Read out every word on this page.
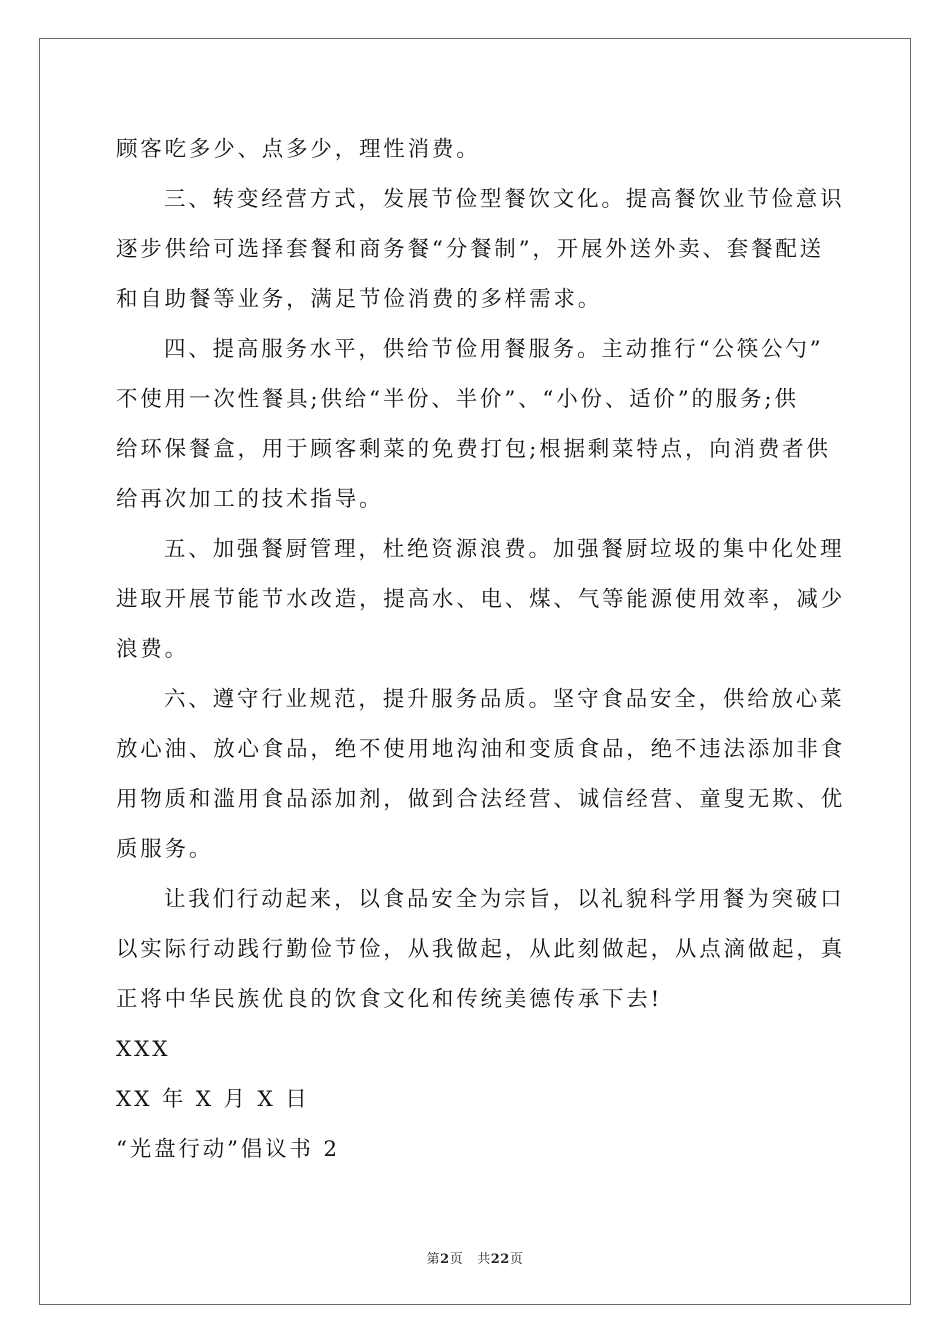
顾客吃多少、点多少，理性消费。
三、转变经营方式，发展节俭型餐饮文化。提高餐饮业节俭意识
逐步供给可选择套餐和商务餐“分餐制”，开展外送外卖、套餐配送
和自助餐等业务，满足节俭消费的多样需求。
四、提高服务水平，供给节俭用餐服务。主动推行“公筷公勺”
不使用一次性餐具;供给“半份、半价”、“小份、适价”的服务;供
给环保餐盒，用于顾客剩菜的免费打包;根据剩菜特点，向消费者供
给再次加工的技术指导。
五、加强餐厨管理，杜绝资源浪费。加强餐厨垃圾的集中化处理
进取开展节能节水改造，提高水、电、煤、气等能源使用效率，减少
浪费。
六、遵守行业规范，提升服务品质。坚守食品安全，供给放心菜
放心油、放心食品，绝不使用地沟油和变质食品，绝不违法添加非食
用物质和滥用食品添加剂，做到合法经营、诚信经营、童叟无欺、优
质服务。
让我们行动起来，以食品安全为宗旨，以礼貌科学用餐为突破口
以实际行动践行勤俭节俭，从我做起，从此刻做起，从点滴做起，真
正将中华民族优良的饮食文化和传统美德传承下去!
XXX
XX 年 X 月 X 日
“光盘行动”倡议书 2
第2页 共22页
